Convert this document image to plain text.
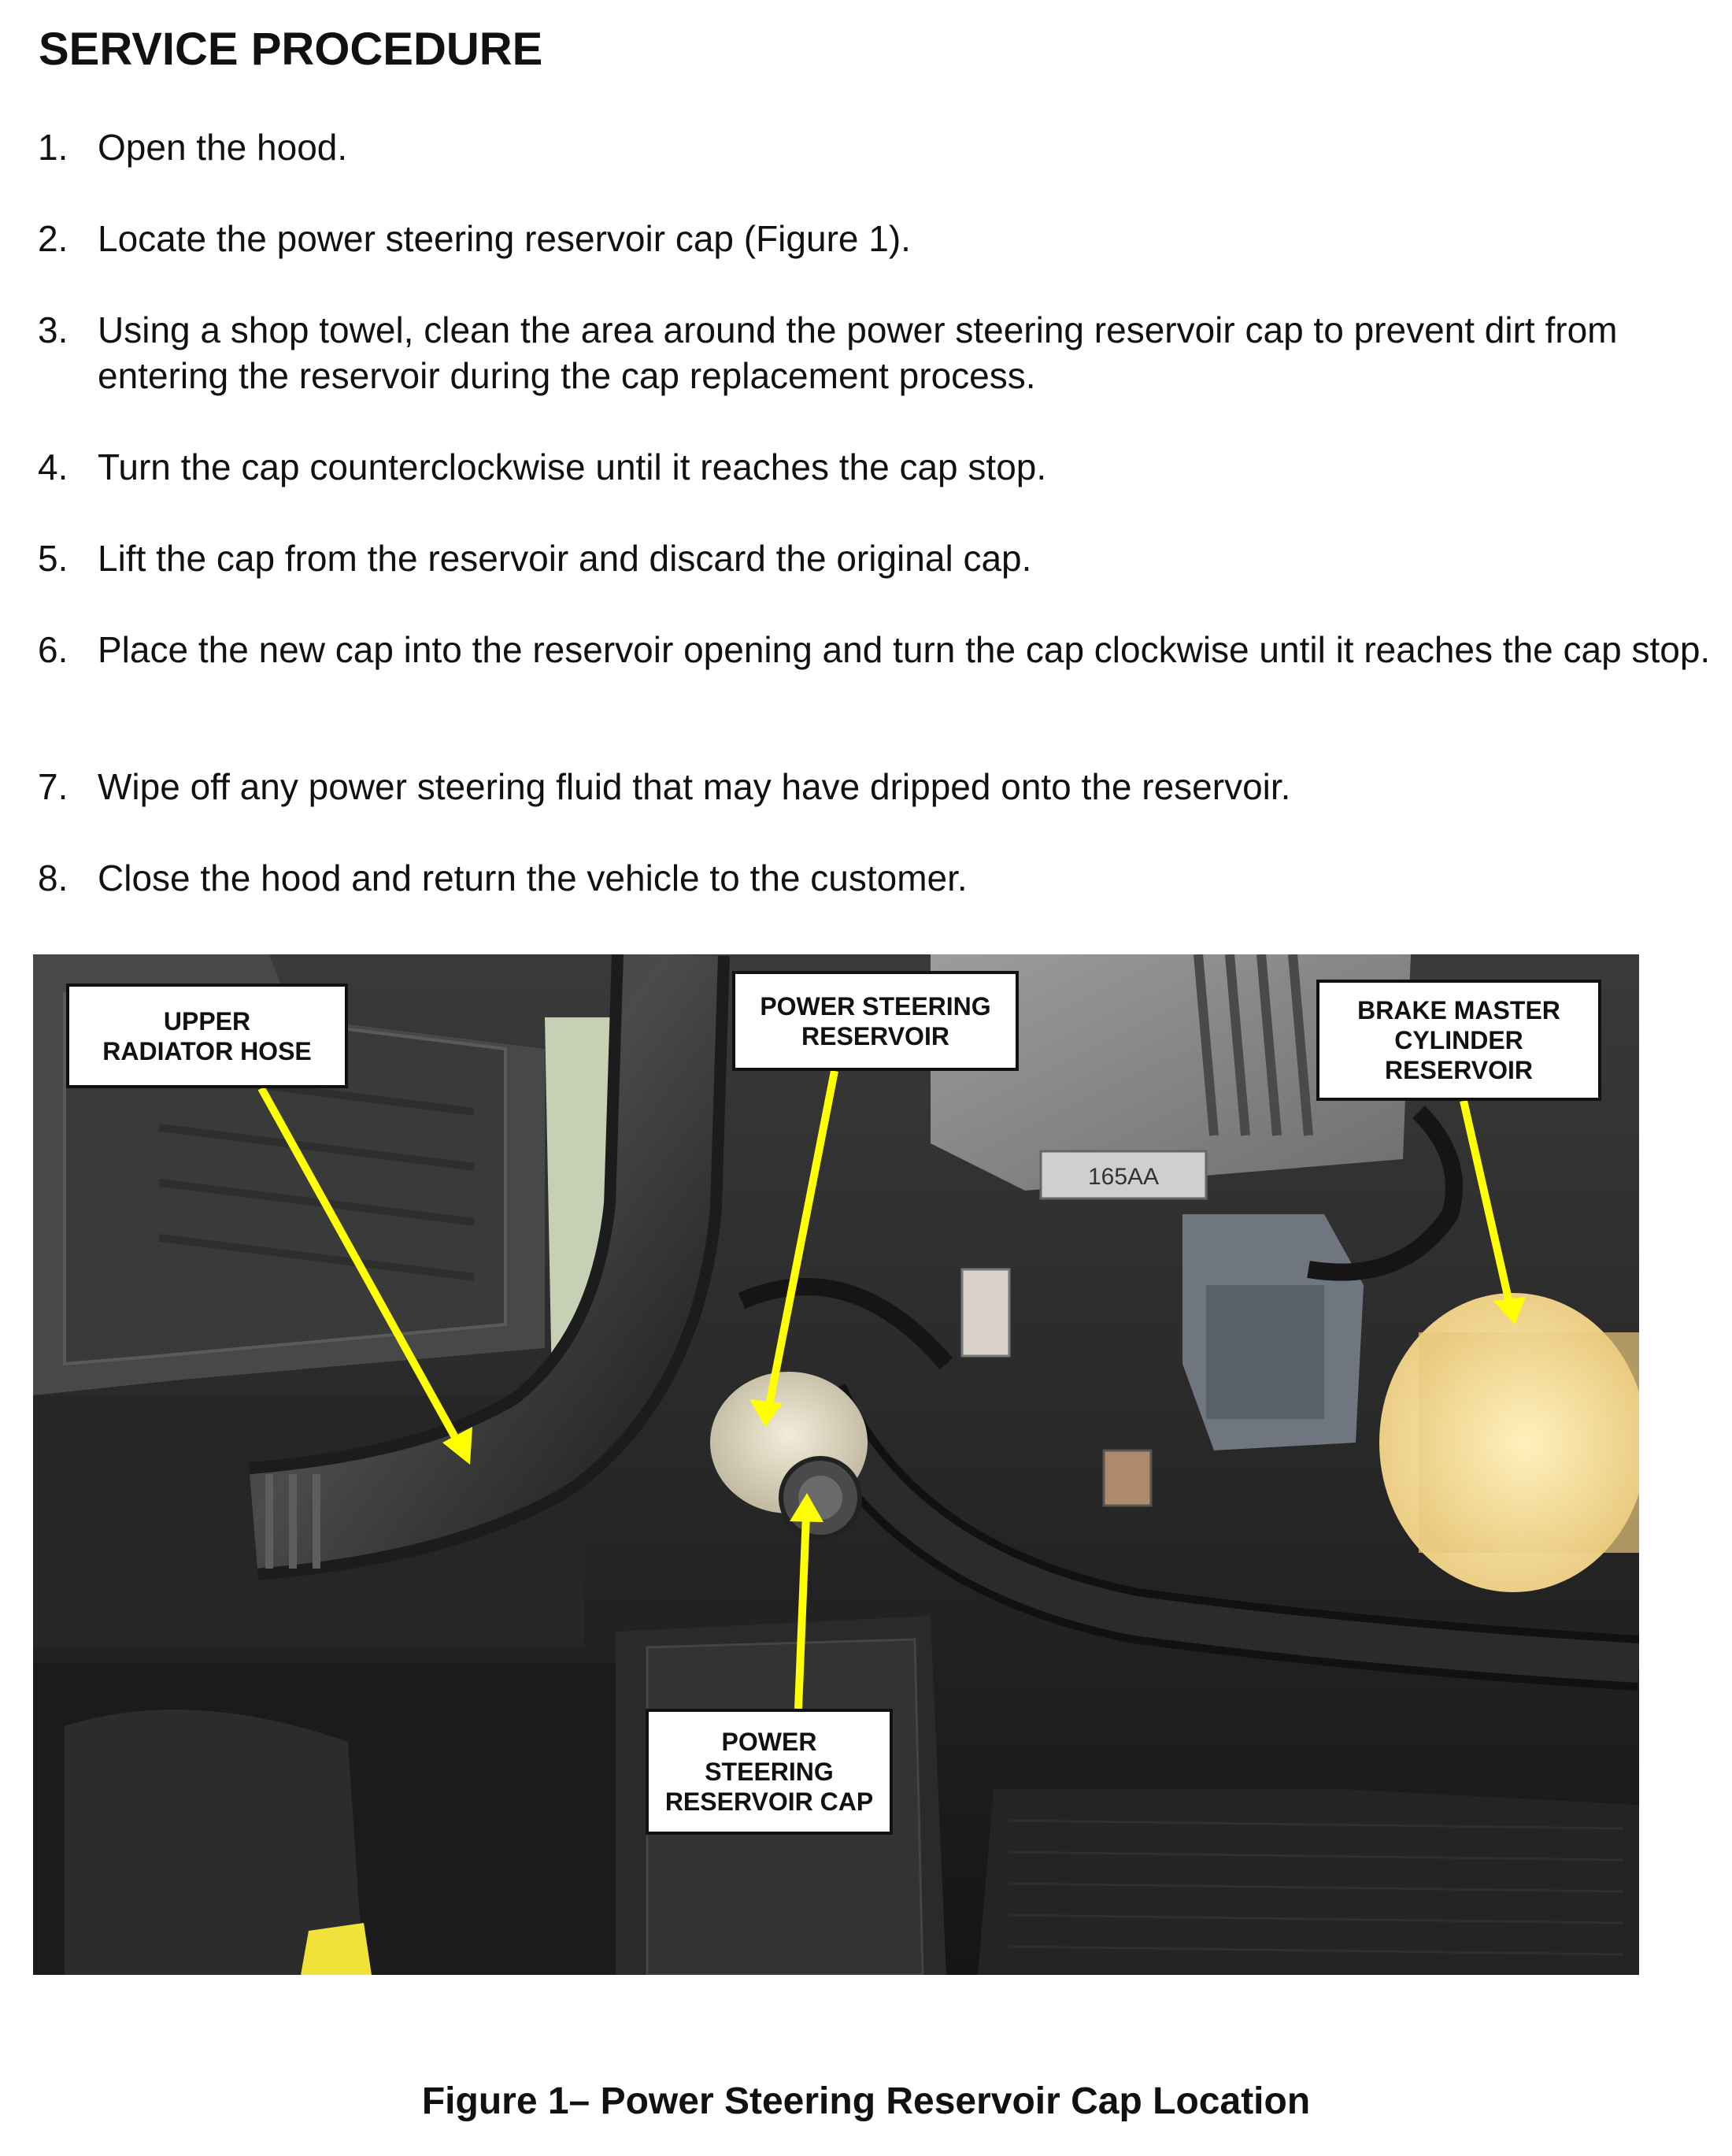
SERVICE PROCEDURE
1. Open the hood.
2. Locate the power steering reservoir cap (Figure 1).
3. Using a shop towel, clean the area around the power steering reservoir cap to prevent dirt from entering the reservoir during the cap replacement process.
4. Turn the cap counterclockwise until it reaches the cap stop.
5. Lift the cap from the reservoir and discard the original cap.
6. Place the new cap into the reservoir opening and turn the cap clockwise until it reaches the cap stop.
7. Wipe off any power steering fluid that may have dripped onto the reservoir.
8. Close the hood and return the vehicle to the customer.
165AA
UPPER
RADIATOR HOSE
POWER STEERING
RESERVOIR
BRAKE MASTER
CYLINDER
RESERVOIR
POWER
STEERING
RESERVOIR CAP
Figure 1– Power Steering Reservoir Cap Location
